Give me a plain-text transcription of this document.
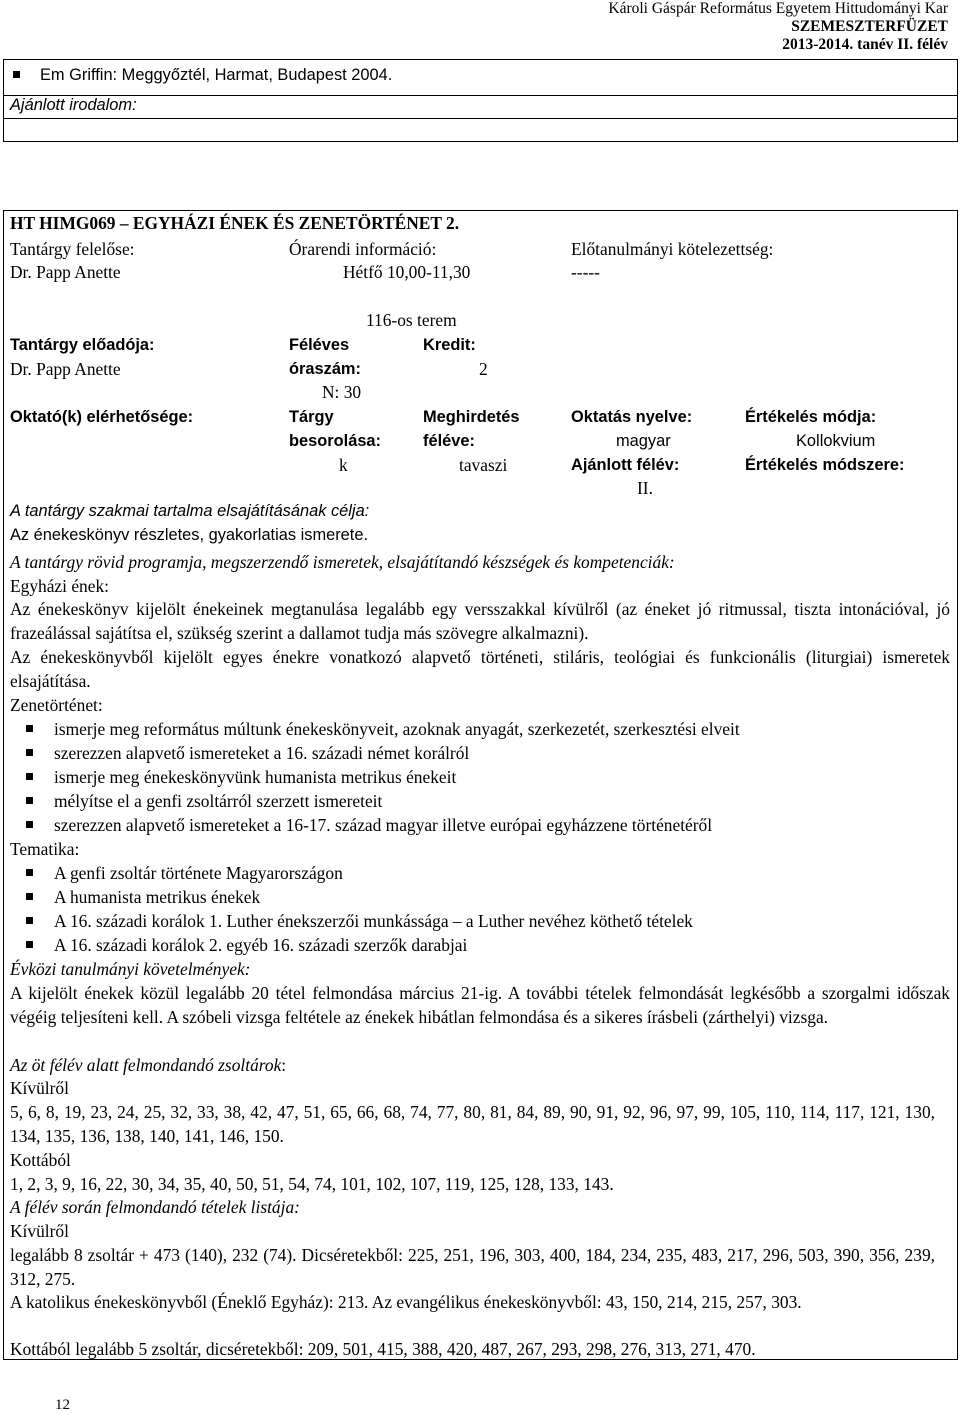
Károli Gáspár Református Egyetem Hittudományi Kar
SZEMESZTERFÜZET
2013-2014. tanév II. félév
Em Griffin: Meggyőztél, Harmat, Budapest 2004.
Ajánlott irodalom:
HT HIMG069 – EGYHÁZI ÉNEK ÉS ZENETÖRTÉNET 2.
Tantárgy felelőse:
Dr. Papp Anette
Órarendi információ:
Hétfő 10,00-11,30
Előtanulmányi kötelezettség:
-----
116-os terem
Tantárgy előadója:
Dr. Papp Anette
Féléves
óraszám:
N: 30
Kredit:
2
Oktató(k) elérhetősége:	Tárgy
besorolása:
k
Meghirdetés
féléve:
tavaszi
Oktatás nyelve:
magyar
Ajánlott félév:
II.
Értékelés módja:
Kollokvium
Értékelés módszere:
A tantárgy szakmai tartalma elsajátításának célja:
Az énekeskönyv részletes, gyakorlatias ismerete.
A tantárgy rövid programja, megszerzendő ismeretek, elsajátítandó készségek és kompetenciák:
Egyházi ének:

Az énekeskönyv kijelölt énekeinek megtanulása legalább egy versszakkal kívülről (az éneket jó ritmussal, tiszta intonációval, jó frazeálással sajátítsa el, szükség szerint a dallamot tudja más szövegre alkalmazni).

Az énekeskönyvből kijelölt egyes énekre vonatkozó alapvető történeti, stiláris, teológiai és funkcionális (liturgiai) ismeretek elsajátítása.

Zenetörténet:
ismerje meg református múltunk énekeskönyveit, azoknak anyagát, szerkezetét, szerkesztési elveit
szerezzen alapvető ismereteket a 16. századi német korálról
ismerje meg énekeskönyvünk humanista metrikus énekeit
mélyítse el a genfi zsoltárról szerzett ismereteit
szerezzen alapvető ismereteket a 16-17. század magyar illetve európai egyházzene történetéről
Tematika:
A genfi zsoltár története Magyarországon
A humanista metrikus énekek
A 16. századi korálok 1. Luther énekszerzői munkássága – a Luther nevéhez köthető tételek
A 16. századi korálok 2. egyéb 16. századi szerzők darabjai
Évközi tanulmányi követelmények:

A kijelölt énekek közül legalább 20 tétel felmondása március 21-ig. A további tételek felmondását legkésőbb a szorgalmi időszak végéig teljesíteni kell. A szóbeli vizsga feltétele az énekek hibátlan felmondása és a sikeres írásbeli (zárthelyi) vizsga.

Az öt félév alatt felmondandó zsoltárok:
Kívülről

5, 6, 8, 19, 23, 24, 25, 32, 33, 38, 42, 47, 51, 65, 66, 68, 74, 77, 80, 81, 84, 89, 90, 91, 92, 96, 97, 99, 105, 110, 114, 117, 121, 130, 134, 135, 136, 138, 140, 141, 146, 150.

Kottából
1, 2, 3, 9, 16, 22, 30, 34, 35, 40, 50, 51, 54, 74, 101, 102, 107, 119, 125, 128, 133, 143.
A félév során felmondandó tételek listája:
Kívülről

legalább 8 zsoltár + 473 (140), 232 (74). Dicséretekből: 225, 251, 196, 303, 400, 184, 234, 235, 483, 217, 296, 503, 390, 356, 239, 312, 275.

A katolikus énekeskönyvből (Éneklő Egyház): 213. Az evangélikus énekeskönyvből: 43, 150, 214, 215, 257, 303.

Kottából legalább 5 zsoltár, dicséretekből: 209, 501, 415, 388, 420, 487, 267, 293, 298, 276, 313, 271, 470.
12
